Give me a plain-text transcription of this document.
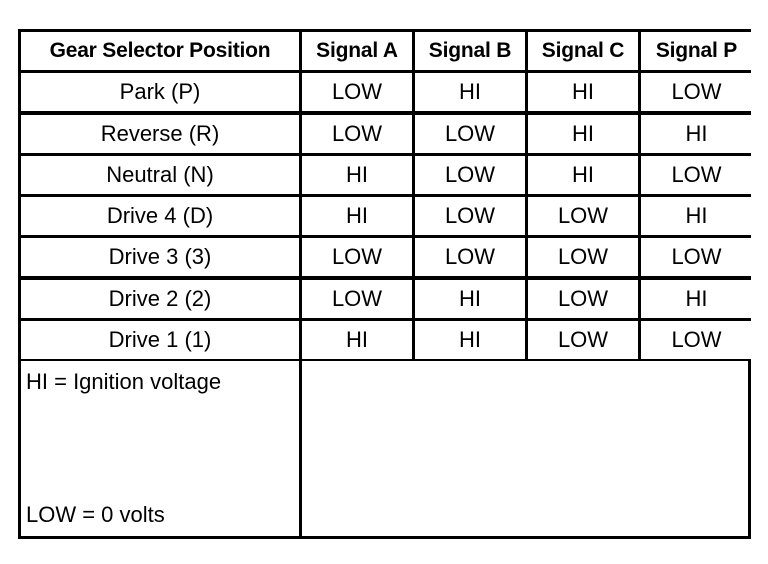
Gear Selector Position	Signal A	Signal B	Signal C	Signal P
Park (P)	LOW	HI	HI	LOW
Reverse (R)	LOW	LOW	HI	HI
Neutral (N)	HI	LOW	HI	LOW
Drive 4 (D)	HI	LOW	LOW	HI
Drive 3 (3)	LOW	LOW	LOW	LOW
Drive 2 (2)	LOW	HI	LOW	HI
Drive 1 (1)	HI	HI	LOW	LOW
HI = Ignition voltage
LOW = 0 volts
